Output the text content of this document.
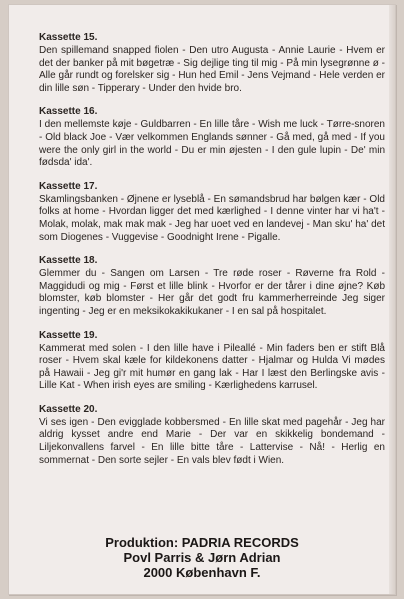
Kassette 15.
Den spillemand snapped fiolen - Den utro Augusta - Annie Laurie - Hvem er det der banker på mit bøgetræ - Sig dejlige ting til mig - På min lysegrønne ø - Alle går rundt og forelsker sig - Hun hed Emil - Jens Vejmand - Hele verden er din lille søn - Tipperary - Under den hvide bro.
Kassette 16.
I den mellemste køje - Guldbarren - En lille tåre - Wish me luck - Tørre-snoren - Old black Joe - Vær velkommen Englands sønner - Gå med, gå med - If you were the only girl in the world - Du er min øjesten - I den gule lupin - De' min fødsda' ida'.
Kassette 17.
Skamlingsbanken - Øjnene er lyseblå - En sømandsbrud har bølgen kær - Old folks at home - Hvordan ligger det med kærlighed - I denne vinter har vi ha't - Molak, molak, mak mak mak - Jeg har uoet ved en landevej - Man sku' ha' det som Diogenes - Vuggevise - Goodnight Irene - Pigalle.
Kassette 18.
Glemmer du - Sangen om Larsen - Tre røde roser - Røverne fra Rold - Maggidudi og mig - Først et lille blink - Hvorfor er der tårer i dine øjne? Køb blomster, køb blomster - Her går det godt fru kammerherreinde Jeg siger ingenting - Jeg er en meksikokakikukaner - I en sal på hospitalet.
Kassette 19.
Kammerat med solen - I den lille have i Pileallé - Min faders ben er stift Blå roser - Hvem skal kæle for kildekonens datter - Hjalmar og Hulda Vi mødes på Hawaii - Jeg gi'r mit humør en gang lak - Har I læst den Berlingske avis - Lille Kat - When irish eyes are smiling - Kærlighedens karrusel.
Kassette 20.
Vi ses igen - Den evigglade kobbersmed - En lille skat med pagehår - Jeg har aldrig kysset andre end Marie - Der var en skikkelig bondemand - Liljekonvallens farvel - En lille bitte tåre - Lattervise - Nå! - Herlig en sommernat - Den sorte sejler - En vals blev født i Wien.
Produktion: PADRIA RECORDS
Povl Parris & Jørn Adrian
2000 København F.
